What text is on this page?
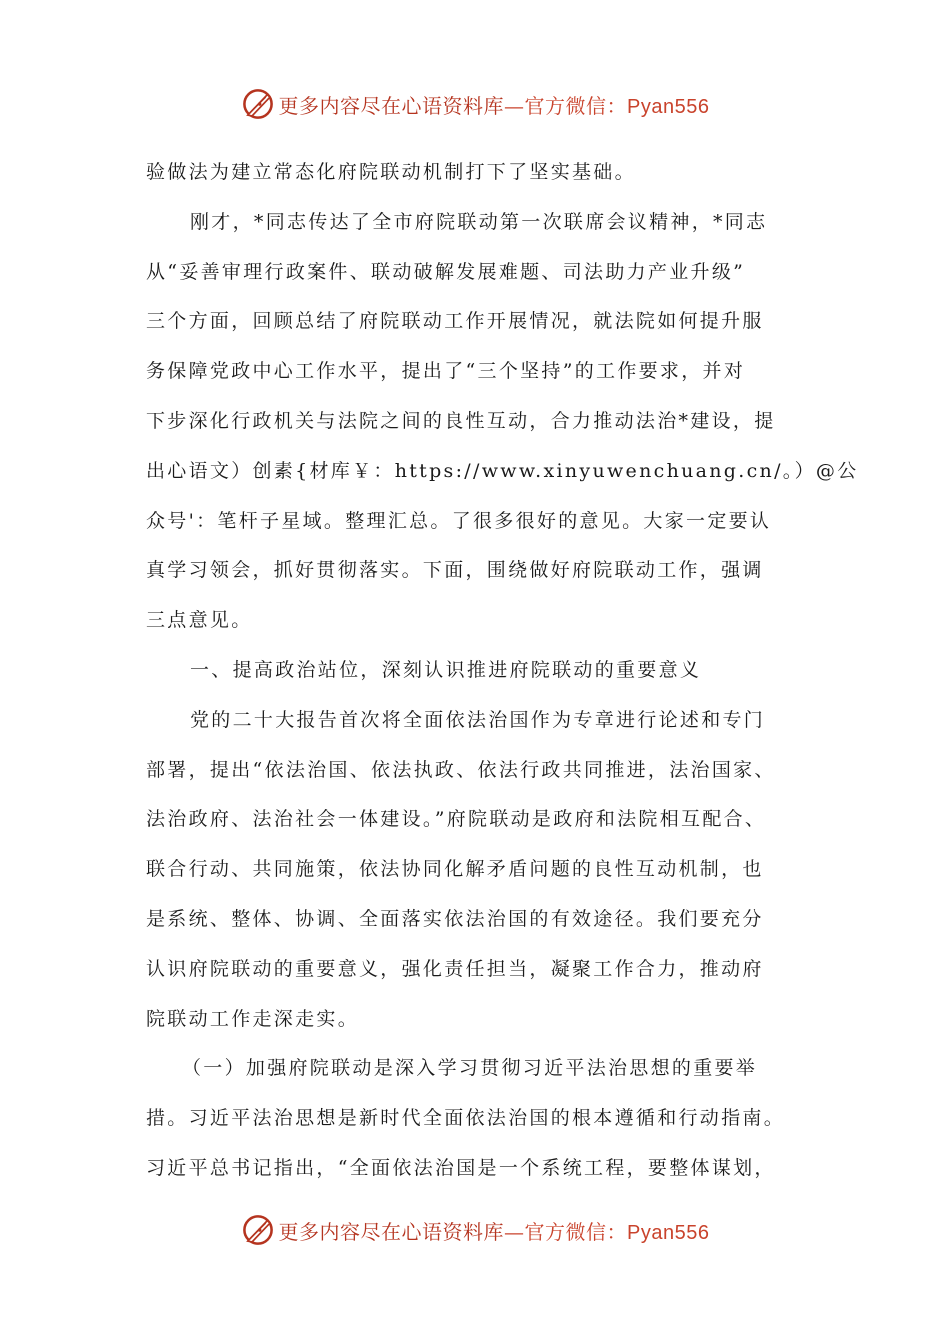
更多内容尽在心语资料库—官方微信：Pyan556
验做法为建立常态化府院联动机制打下了坚实基础。
刚才，*同志传达了全市府院联动第一次联席会议精神，*同志
从“妥善审理行政案件、联动破解发展难题、司法助力产业升级”
三个方面，回顾总结了府院联动工作开展情况，就法院如何提升服
务保障党政中心工作水平，提出了“三个坚持”的工作要求，并对
下步深化行政机关与法院之间的良性互动，合力推动法治*建设，提
出心语文）创素{材库￥：https://www.xinyuwenchuang.cn/。）@公
众号'：笔杆子星域。整理汇总。了很多很好的意见。大家一定要认
真学习领会，抓好贯彻落实。下面，围绕做好府院联动工作，强调
三点意见。
一、提高政治站位，深刻认识推进府院联动的重要意义
党的二十大报告首次将全面依法治国作为专章进行论述和专门
部署，提出“依法治国、依法执政、依法行政共同推进，法治国家、
法治政府、法治社会一体建设。”府院联动是政府和法院相互配合、
联合行动、共同施策，依法协同化解矛盾问题的良性互动机制，也
是系统、整体、协调、全面落实依法治国的有效途径。我们要充分
认识府院联动的重要意义，强化责任担当，凝聚工作合力，推动府
院联动工作走深走实。
（一）加强府院联动是深入学习贯彻习近平法治思想的重要举
措。习近平法治思想是新时代全面依法治国的根本遵循和行动指南。
习近平总书记指出，“全面依法治国是一个系统工程，要整体谋划，
更多内容尽在心语资料库—官方微信：Pyan556
